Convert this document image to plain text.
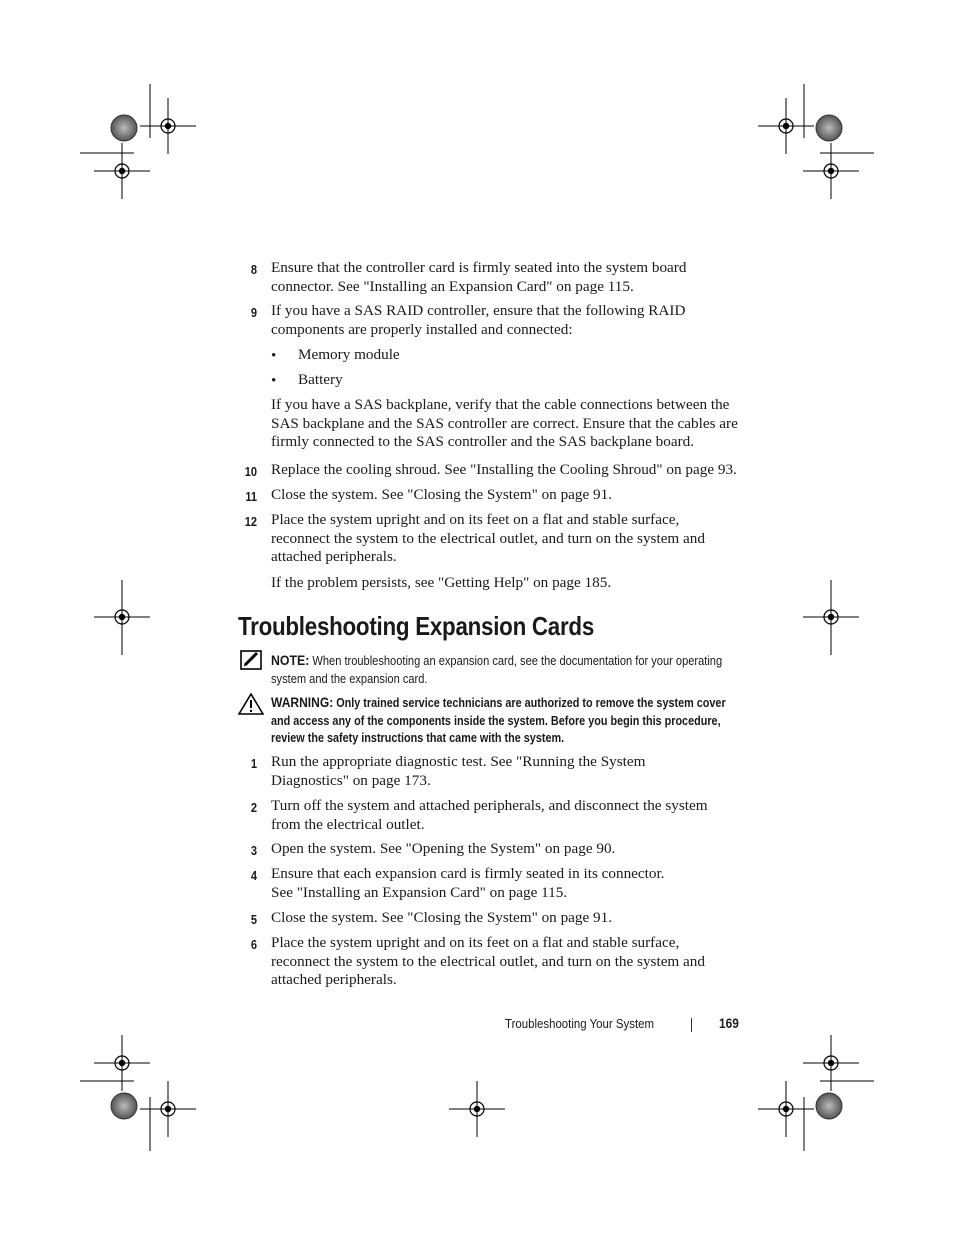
8 Ensure that the controller card is firmly seated into the system board connector. See "Installing an Expansion Card" on page 115.
9 If you have a SAS RAID controller, ensure that the following RAID components are properly installed and connected:
• Memory module
• Battery
If you have a SAS backplane, verify that the cable connections between the SAS backplane and the SAS controller are correct. Ensure that the cables are firmly connected to the SAS controller and the SAS backplane board.
10 Replace the cooling shroud. See "Installing the Cooling Shroud" on page 93.
11 Close the system. See "Closing the System" on page 91.
12 Place the system upright and on its feet on a flat and stable surface, reconnect the system to the electrical outlet, and turn on the system and attached peripherals.
If the problem persists, see "Getting Help" on page 185.
Troubleshooting Expansion Cards
NOTE: When troubleshooting an expansion card, see the documentation for your operating system and the expansion card.
WARNING: Only trained service technicians are authorized to remove the system cover and access any of the components inside the system. Before you begin this procedure, review the safety instructions that came with the system.
1 Run the appropriate diagnostic test. See "Running the System Diagnostics" on page 173.
2 Turn off the system and attached peripherals, and disconnect the system from the electrical outlet.
3 Open the system. See "Opening the System" on page 90.
4 Ensure that each expansion card is firmly seated in its connector. See "Installing an Expansion Card" on page 115.
5 Close the system. See "Closing the System" on page 91.
6 Place the system upright and on its feet on a flat and stable surface, reconnect the system to the electrical outlet, and turn on the system and attached peripherals.
Troubleshooting Your System	169
